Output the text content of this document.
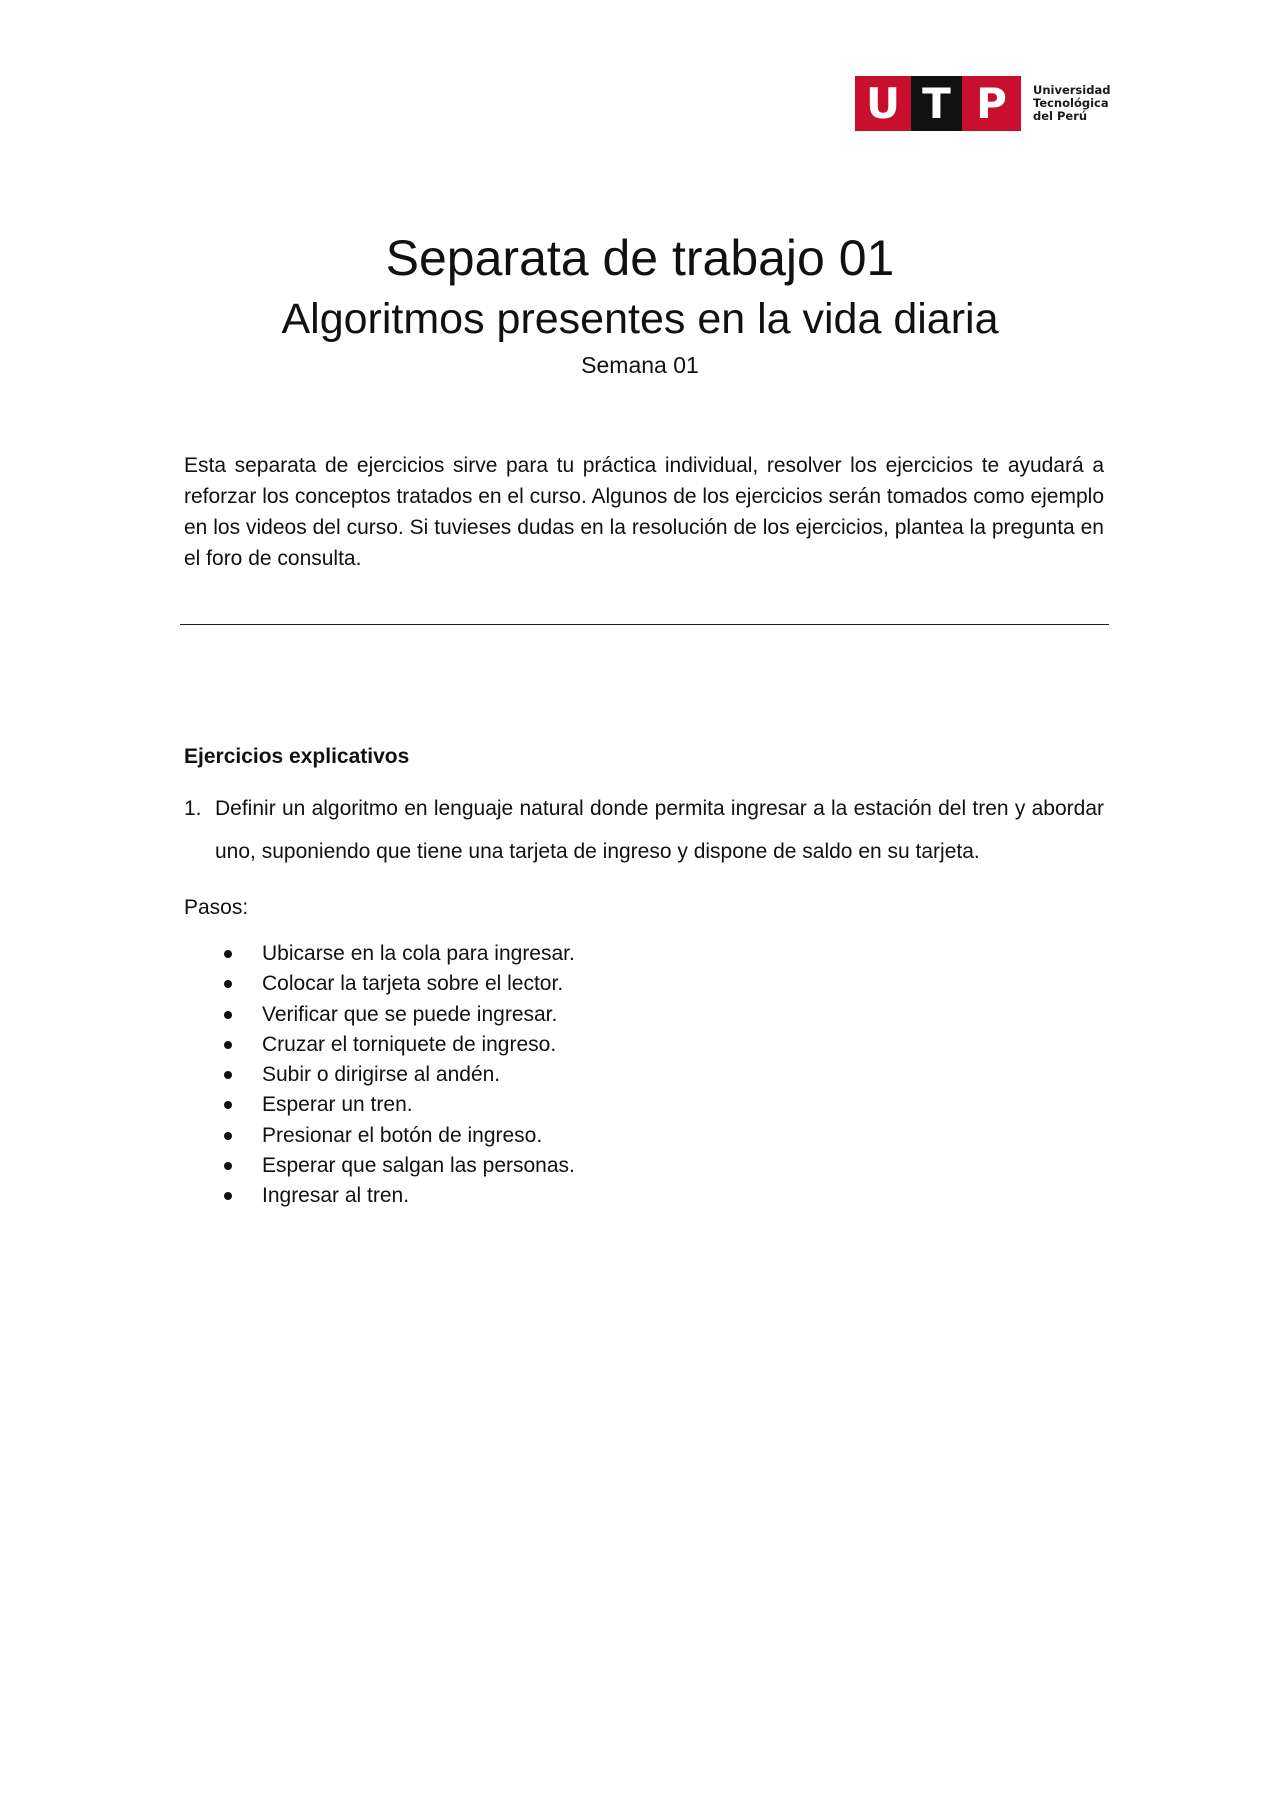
U T P	Universidad
Tecnológica
del Perú
Separata de trabajo 01
Algoritmos presentes en la vida diaria
Semana 01

Esta separata de ejercicios sirve para tu práctica individual, resolver los ejercicios te ayudará a reforzar los conceptos tratados en el curso. Algunos de los ejercicios serán tomados como ejemplo en los videos del curso. Si tuvieses dudas en la resolución de los ejercicios, plantea la pregunta en el foro de consulta.

Ejercicios explicativos
1. Definir un algoritmo en lenguaje natural donde permita ingresar a la estación del tren y abordar uno, suponiendo que tiene una tarjeta de ingreso y dispone de saldo en su tarjeta.

Pasos:

Ubicarse en la cola para ingresar.
Colocar la tarjeta sobre el lector.
Verificar que se puede ingresar.
Cruzar el torniquete de ingreso.
Subir o dirigirse al andén.
Esperar un tren.
Presionar el botón de ingreso.
Esperar que salgan las personas.
Ingresar al tren.
